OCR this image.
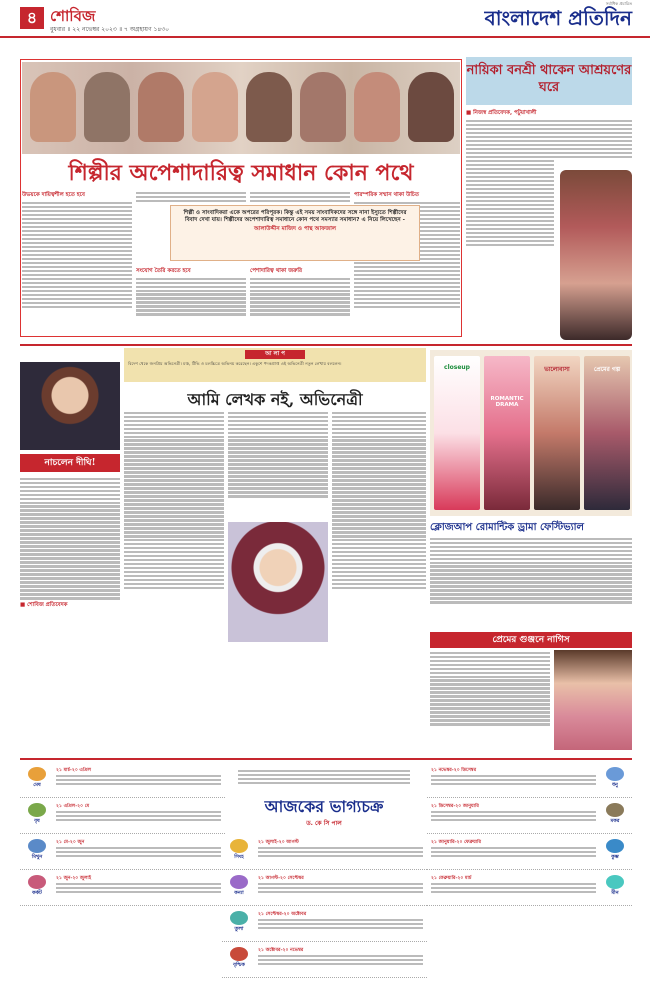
৪ শোবিজ
বুধবার ॥ ২২ নভেম্বর ২০২৩ ॥ ৭ অগ্রহায়ণ ১৪৩০
সর্বাধিক প্রচারিত
বাংলাদেশ প্রতিদিন
শিল্পীর অপেশাদারিত্ব সমাধান কোন পথে
উভয়কে দায়িত্বশীল হতে হবে
সংযোগ তৈরি করতে হবে	পেশাদারিত্ব থাকা জরুরি
পারস্পরিক সম্মান থাকা উচিত
শিল্পী ও সাংবাদিকরা একে অপরের পরিপূরক। কিন্তু এই সময় সাংবাদিকদের সঙ্গে নানা ইস্যুতে শিল্পীদের বিবাদ দেখা যায়। শিল্পীদের অপেশাদারিত্ব সমাধানে কোন পথে সমস্যার সমাধান? এ নিয়ে লিখেছেন -
আলাউদ্দীন মাজিদ ও পান্থ আফজাল
নায়িকা বনশ্রী থাকেন আশ্রয়ণের ঘরে
■ নিজস্ব প্রতিবেদক, পটুয়াখালী
নাচলেন দীঘি!
■ শোবিজ প্রতিবেদক
আ লা প
বিদেশ থেকে জনপ্রিয় অভিনেত্রী। মঞ্চ, টিভি ও চলচ্চিত্রে অভিনয় করেছেন। একুশে পদকপ্রাপ্ত এই অভিনেত্রী নতুন লেখায় বললেন।
আমি লেখক নই, অভিনেত্রী
closeup
ROMANTIC DRAMA
ভালোবাসা	প্রেমের গল্প
ক্লোজআপ রোমান্টিক ড্রামা ফেস্টিভ্যাল
প্রেমের গুঞ্জনে নাগিস
মেষ
২১ মার্চ-২০ এপ্রিল
বৃষ
২১ এপ্রিল-২০ মে
মিথুন
২১ মে-২০ জুন
কর্কট
২১ জুন-২০ জুলাই
আজকের ভাগ্যচক্র
ড. কে সি পাল
সিংহ
২১ জুলাই-২০ আগস্ট
কন্যা
২১ আগস্ট-২০ সেপ্টেম্বর
তুলা
২১ সেপ্টেম্বর-২০ অক্টোবর
বৃশ্চিক
২১ অক্টোবর-২০ নভেম্বর
ধনু
২১ নভেম্বর-২০ ডিসেম্বর
মকর
২১ ডিসেম্বর-২০ জানুয়ারি
কুম্ভ
২১ জানুয়ারি-২০ ফেব্রুয়ারি
মীন
২১ ফেব্রুয়ারি-২০ মার্চ
